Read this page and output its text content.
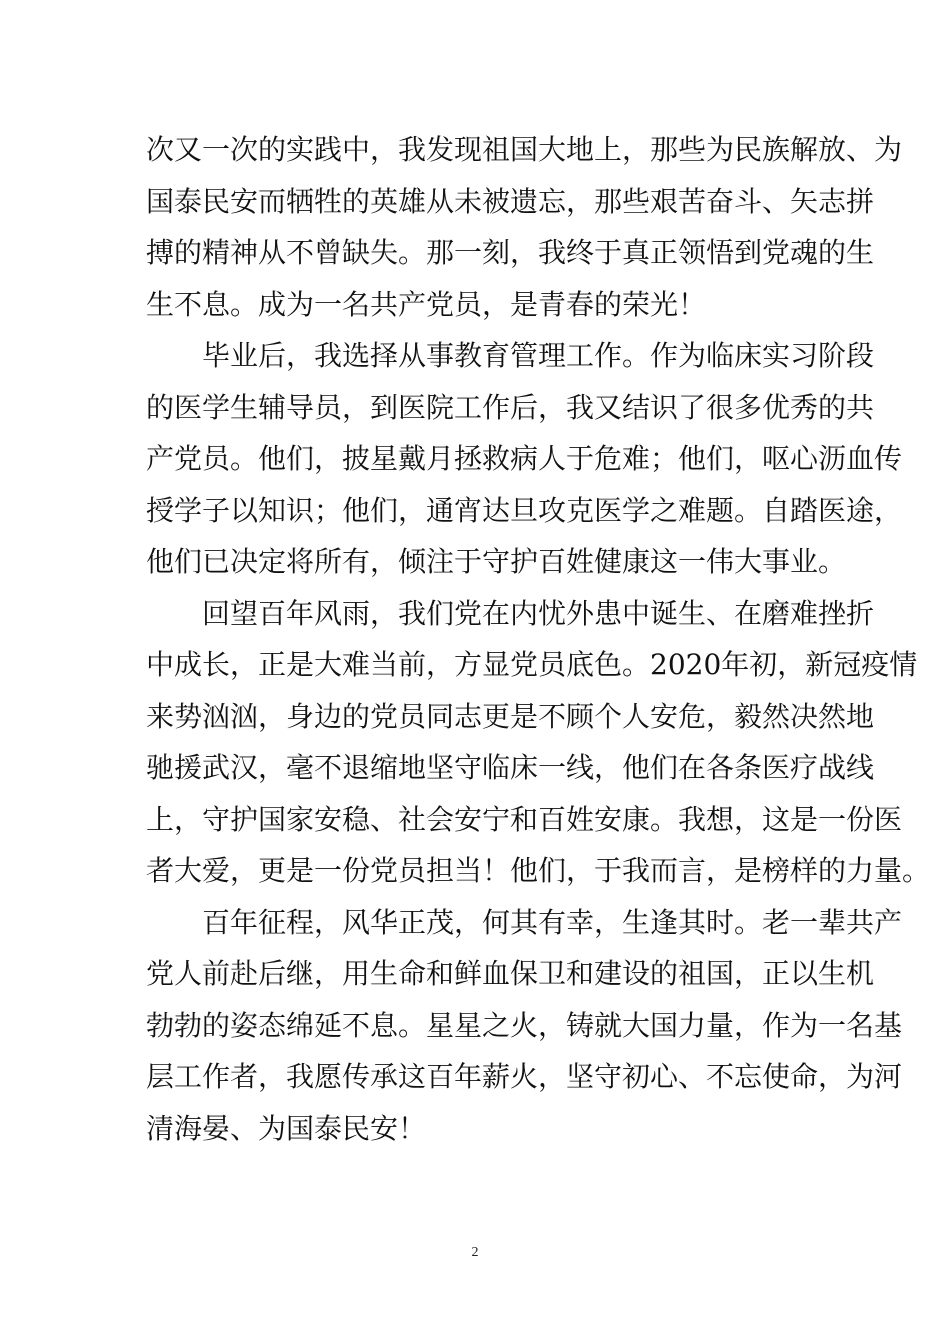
次又一次的实践中，我发现祖国大地上，那些为民族解放、为
国泰民安而牺牲的英雄从未被遗忘，那些艰苦奋斗、矢志拼
搏的精神从不曾缺失。那一刻，我终于真正领悟到党魂的生
生不息。成为一名共产党员，是青春的荣光！
毕业后，我选择从事教育管理工作。作为临床实习阶段
的医学生辅导员，到医院工作后，我又结识了很多优秀的共
产党员。他们，披星戴月拯救病人于危难；他们，呕心沥血传
授学子以知识；他们，通宵达旦攻克医学之难题。自踏医途，
他们已决定将所有，倾注于守护百姓健康这一伟大事业。
回望百年风雨，我们党在内忧外患中诞生、在磨难挫折
中成长，正是大难当前，方显党员底色。2020年初，新冠疫情
来势汹汹，身边的党员同志更是不顾个人安危，毅然决然地
驰援武汉，毫不退缩地坚守临床一线，他们在各条医疗战线
上，守护国家安稳、社会安宁和百姓安康。我想，这是一份医
者大爱，更是一份党员担当！他们，于我而言，是榜样的力量。
百年征程，风华正茂，何其有幸，生逢其时。老一辈共产
党人前赴后继，用生命和鲜血保卫和建设的祖国，正以生机
勃勃的姿态绵延不息。星星之火，铸就大国力量，作为一名基
层工作者，我愿传承这百年薪火，坚守初心、不忘使命，为河
清海晏、为国泰民安！
2
